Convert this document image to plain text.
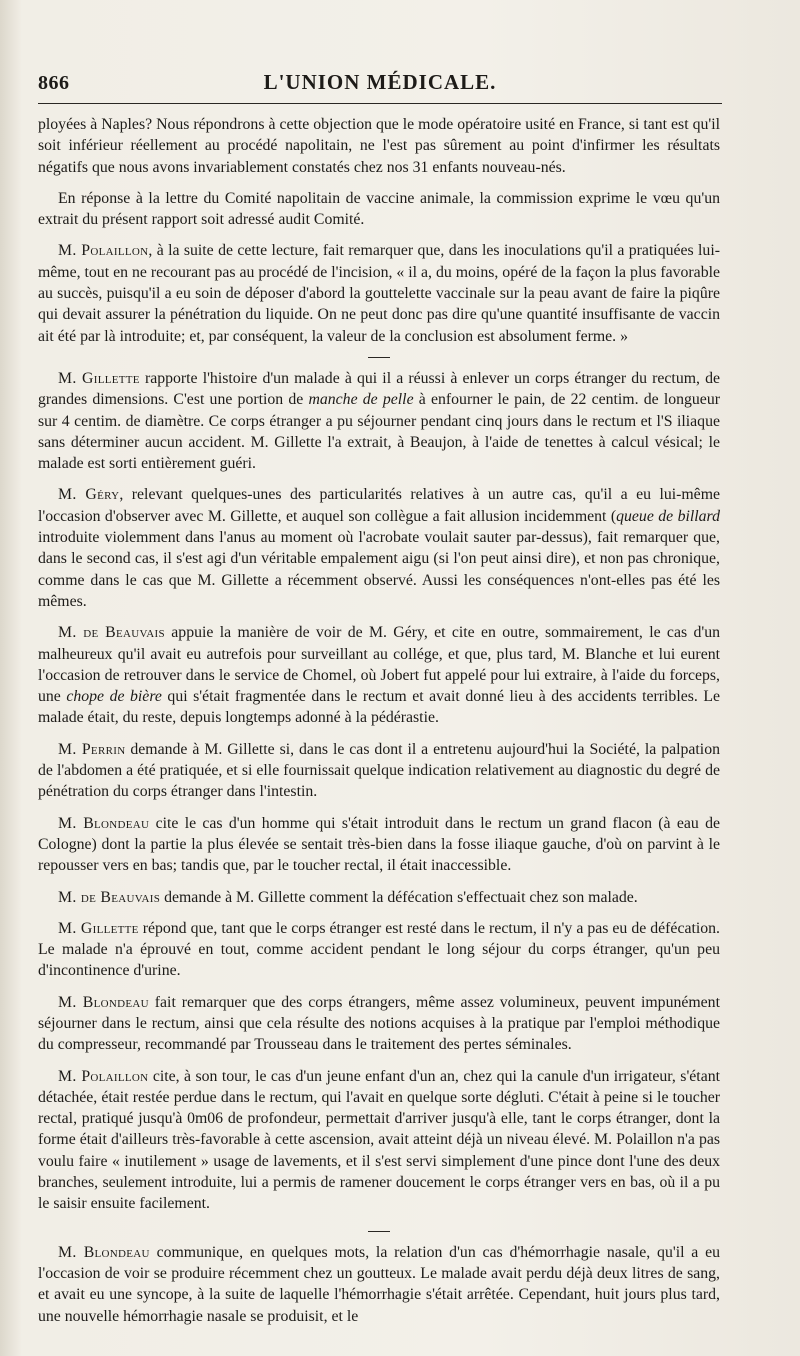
866	L'UNION MÉDICALE.

ployées à Naples? Nous répondrons à cette objection que le mode opératoire usité en France, si tant est qu'il soit inférieur réellement au procédé napolitain, ne l'est pas sûrement au point d'infirmer les résultats négatifs que nous avons invariablement constatés chez nos 31 enfants nouveau-nés.

En réponse à la lettre du Comité napolitain de vaccine animale, la commission exprime le vœu qu'un extrait du présent rapport soit adressé audit Comité.

M. Polaillon, à la suite de cette lecture, fait remarquer que, dans les inoculations qu'il a pratiquées lui-même, tout en ne recourant pas au procédé de l'incision, « il a, du moins, opéré de la façon la plus favorable au succès, puisqu'il a eu soin de déposer d'abord la gouttelette vaccinale sur la peau avant de faire la piqûre qui devait assurer la pénétration du liquide. On ne peut donc pas dire qu'une quantité insuffisante de vaccin ait été par là introduite; et, par conséquent, la valeur de la conclusion est absolument ferme. »

M. Gillette rapporte l'histoire d'un malade à qui il a réussi à enlever un corps étranger du rectum, de grandes dimensions. C'est une portion de manche de pelle à enfourner le pain, de 22 centim. de longueur sur 4 centim. de diamètre. Ce corps étranger a pu séjourner pendant cinq jours dans le rectum et l'S iliaque sans déterminer aucun accident. M. Gillette l'a extrait, à Beaujon, à l'aide de tenettes à calcul vésical; le malade est sorti entièrement guéri.

M. Géry, relevant quelques-unes des particularités relatives à un autre cas, qu'il a eu lui-même l'occasion d'observer avec M. Gillette, et auquel son collègue a fait allusion incidemment (queue de billard introduite violemment dans l'anus au moment où l'acrobate voulait sauter par-dessus), fait remarquer que, dans le second cas, il s'est agi d'un véritable empalement aigu (si l'on peut ainsi dire), et non pas chronique, comme dans le cas que M. Gillette a récemment observé. Aussi les conséquences n'ont-elles pas été les mêmes.

M. de Beauvais appuie la manière de voir de M. Géry, et cite en outre, sommairement, le cas d'un malheureux qu'il avait eu autrefois pour surveillant au collége, et que, plus tard, M. Blanche et lui eurent l'occasion de retrouver dans le service de Chomel, où Jobert fut appelé pour lui extraire, à l'aide du forceps, une chope de bière qui s'était fragmentée dans le rectum et avait donné lieu à des accidents terribles. Le malade était, du reste, depuis longtemps adonné à la pédérastie.

M. Perrin demande à M. Gillette si, dans le cas dont il a entretenu aujourd'hui la Société, la palpation de l'abdomen a été pratiquée, et si elle fournissait quelque indication relativement au diagnostic du degré de pénétration du corps étranger dans l'intestin.

M. Blondeau cite le cas d'un homme qui s'était introduit dans le rectum un grand flacon (à eau de Cologne) dont la partie la plus élevée se sentait très-bien dans la fosse iliaque gauche, d'où on parvint à le repousser vers en bas; tandis que, par le toucher rectal, il était inaccessible.

M. de Beauvais demande à M. Gillette comment la défécation s'effectuait chez son malade.

M. Gillette répond que, tant que le corps étranger est resté dans le rectum, il n'y a pas eu de défécation. Le malade n'a éprouvé en tout, comme accident pendant le long séjour du corps étranger, qu'un peu d'incontinence d'urine.

M. Blondeau fait remarquer que des corps étrangers, même assez volumineux, peuvent impunément séjourner dans le rectum, ainsi que cela résulte des notions acquises à la pratique par l'emploi méthodique du compresseur, recommandé par Trousseau dans le traitement des pertes séminales.

M. Polaillon cite, à son tour, le cas d'un jeune enfant d'un an, chez qui la canule d'un irrigateur, s'étant détachée, était restée perdue dans le rectum, qui l'avait en quelque sorte dégluti. C'était à peine si le toucher rectal, pratiqué jusqu'à 0m06 de profondeur, permettait d'arriver jusqu'à elle, tant le corps étranger, dont la forme était d'ailleurs très-favorable à cette ascension, avait atteint déjà un niveau élevé. M. Polaillon n'a pas voulu faire « inutilement » usage de lavements, et il s'est servi simplement d'une pince dont l'une des deux branches, seulement introduite, lui a permis de ramener doucement le corps étranger vers en bas, où il a pu le saisir ensuite facilement.

M. Blondeau communique, en quelques mots, la relation d'un cas d'hémorrhagie nasale, qu'il a eu l'occasion de voir se produire récemment chez un goutteux. Le malade avait perdu déjà deux litres de sang, et avait eu une syncope, à la suite de laquelle l'hémorrhagie s'était arrêtée. Cependant, huit jours plus tard, une nouvelle hémorrhagie nasale se produisit, et le
